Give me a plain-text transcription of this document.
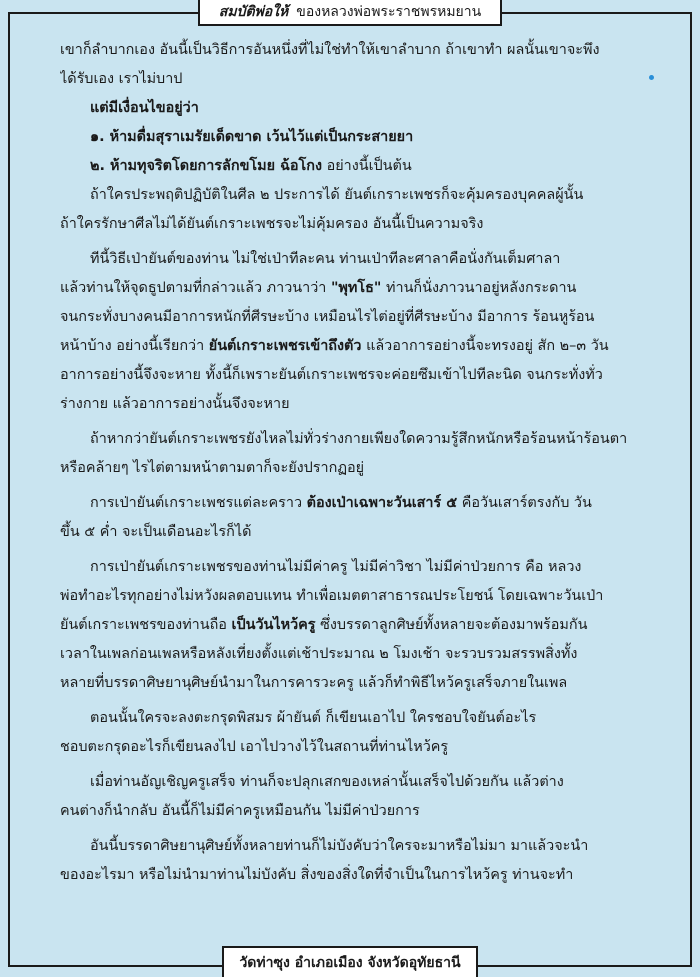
สมบัติพ่อให้ ของหลวงพ่อพระราชพรหมยาน
เขาก็ลำบากเอง อันนี้เป็นวิธีการอันหนึ่งที่ไม่ใช่ทำให้เขาลำบาก ถ้าเขาทำ ผลนั้นเขาจะพึง
ได้รับเอง เราไม่บาป
แต่มีเงื่อนไขอยู่ว่า
๑. ห้ามดื่มสุราเมรัยเด็ดขาด เว้นไว้แต่เป็นกระสายยา
๒. ห้ามทุจริตโดยการลักขโมย ฉ้อโกง อย่างนี้เป็นต้น
ถ้าใครประพฤติปฏิบัติในศีล ๒ ประการได้ ยันต์เกราะเพชรก็จะคุ้มครองบุคคลผู้นั้น
ถ้าใครรักษาศีลไม่ได้ยันต์เกราะเพชรจะไม่คุ้มครอง อันนี้เป็นความจริง
ทีนี้วิธีเป่ายันต์ของท่าน ไม่ใช่เป่าทีละคน ท่านเป่าทีละศาลาคือนั่งกันเต็มศาลา
แล้วท่านให้จุดธูปตามที่กล่าวแล้ว ภาวนาว่า "พุทโธ" ท่านก็นั่งภาวนาอยู่หลังกระดาน
จนกระทั่งบางคนมีอาการหนักที่ศีรษะบ้าง เหมือนไรไต่อยู่ที่ศีรษะบ้าง มีอาการ ร้อนหูร้อน
หน้าบ้าง อย่างนี้เรียกว่า ยันต์เกราะเพชรเข้าถึงตัว แล้วอาการอย่างนี้จะทรงอยู่ สัก ๒–๓ วัน
อาการอย่างนี้จึงจะหาย ทั้งนี้ก็เพราะยันต์เกราะเพชรจะค่อยซึมเข้าไปทีละนิด จนกระทั่งทั่ว
ร่างกาย แล้วอาการอย่างนั้นจึงจะหาย
ถ้าหากว่ายันต์เกราะเพชรยังไหลไม่ทั่วร่างกายเพียงใดความรู้สึกหนักหรือร้อนหน้าร้อนตา
หรือคล้ายๆ ไรไต่ตามหน้าตามตาก็จะยังปรากฏอยู่
การเป่ายันต์เกราะเพชรแต่ละคราว ต้องเป่าเฉพาะวันเสาร์ ๕ คือวันเสาร์ตรงกับ วัน
ขึ้น ๕ ค่ำ จะเป็นเดือนอะไรก็ได้
การเป่ายันต์เกราะเพชรของท่านไม่มีค่าครู ไม่มีค่าวิชา ไม่มีค่าป่วยการ คือ หลวง
พ่อทำอะไรทุกอย่างไม่หวังผลตอบแทน ทำเพื่อเมตตาสาธารณประโยชน์ โดยเฉพาะวันเป่า
ยันต์เกราะเพชรของท่านถือ เป็นวันไหว้ครู ซึ่งบรรดาลูกศิษย์ทั้งหลายจะต้องมาพร้อมกัน
เวลาในเพลก่อนเพลหรือหลังเที่ยงตั้งแต่เช้าประมาณ ๒ โมงเช้า จะรวบรวมสรรพสิ่งทั้ง
หลายที่บรรดาศิษยานุศิษย์นำมาในการคารวะครู แล้วก็ทำพิธีไหว้ครูเสร็จภายในเพล
ตอนนั้นใครจะลงตะกรุดพิสมร ผ้ายันต์ ก็เขียนเอาไป ใครชอบใจยันต์อะไร
ชอบตะกรุดอะไรก็เขียนลงไป เอาไปวางไว้ในสถานที่ท่านไหว้ครู
เมื่อท่านอัญเชิญครูเสร็จ ท่านก็จะปลุกเสกของเหล่านั้นเสร็จไปด้วยกัน แล้วต่าง
คนต่างก็นำกลับ อันนี้ก็ไม่มีค่าครูเหมือนกัน ไม่มีค่าป่วยการ
อันนี้บรรดาศิษยานุศิษย์ทั้งหลายท่านก็ไม่บังคับว่าใครจะมาหรือไม่มา มาแล้วจะนำ
ของอะไรมา หรือไม่นำมาท่านไม่บังคับ สิ่งของสิ่งใดที่จำเป็นในการไหว้ครู ท่านจะทำ
วัดท่าซุง อำเภอเมือง จังหวัดอุทัยธานี
